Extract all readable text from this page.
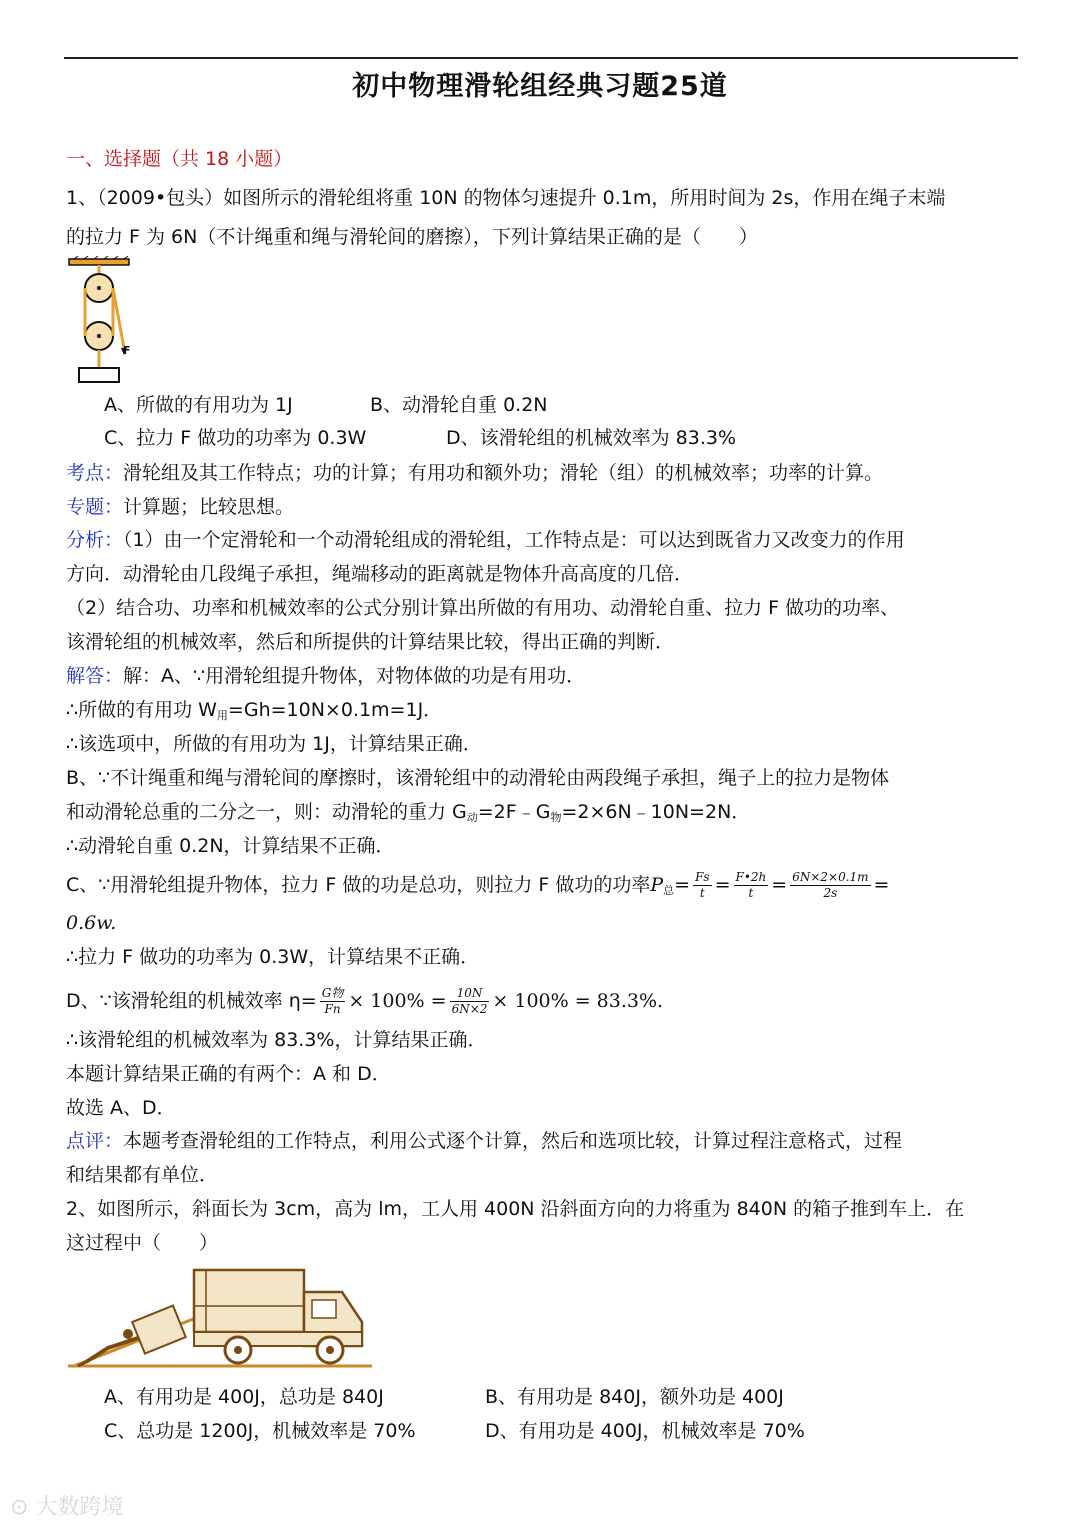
初中物理滑轮组经典习题25道
一、选择题（共 18 小题）
1、（2009•包头）如图所示的滑轮组将重 10N 的物体匀速提升 0.1m，所用时间为 2s，作用在绳子末端
的拉力 F 为 6N（不计绳重和绳与滑轮间的磨擦），下列计算结果正确的是（　　）
F
A、所做的有用功为 1J	B、动滑轮自重 0.2N
C、拉力 F 做功的功率为 0.3W	D、该滑轮组的机械效率为 83.3%
考点：滑轮组及其工作特点；功的计算；有用功和额外功；滑轮（组）的机械效率；功率的计算。
专题：计算题；比较思想。
分析：（1）由一个定滑轮和一个动滑轮组成的滑轮组，工作特点是：可以达到既省力又改变力的作用
方向．动滑轮由几段绳子承担，绳端移动的距离就是物体升高高度的几倍．
（2）结合功、功率和机械效率的公式分别计算出所做的有用功、动滑轮自重、拉力 F 做功的功率、
该滑轮组的机械效率，然后和所提供的计算结果比较，得出正确的判断．
解答：解：A、∵用滑轮组提升物体，对物体做的功是有用功．
∴所做的有用功 $W_用=Gh=10N\times 0.1m=1J$．
∴该选项中，所做的有用功为 1J，计算结果正确．
B、∵不计绳重和绳与滑轮间的摩擦时，该滑轮组中的动滑轮由两段绳子承担，绳子上的拉力是物体
和动滑轮总重的二分之一，则：动滑轮的重力 $G_动=2F﹣G_物=2\times 6N﹣10N=2N$．
∴动滑轮自重 0.2N，计算结果不正确．
C、∵用滑轮组提升物体，拉力 F 做的功是总功，则拉力 F 做功的功率$P_总= \frac{Fs}{t} = \frac{F•2h}{t} = \frac{6N\times 2\times 0.1m}{2s}$ =
0.6w.
∴拉力 F 做功的功率为 0.3W，计算结果不正确．
D、∵该滑轮组的机械效率 $\eta= \frac{\text{G物}}{Fn} \times 100\% = \frac{10N}{6N\times 2} \times 100\% = 83.3\%$.
∴该滑轮组的机械效率为 83.3%，计算结果正确．
本题计算结果正确的有两个：A 和 D．
故选 A、D．
点评：本题考查滑轮组的工作特点，利用公式逐个计算，然后和选项比较，计算过程注意格式，过程
和结果都有单位．
2、如图所示，斜面长为 3cm，高为 lm，工人用 400N 沿斜面方向的力将重为 840N 的箱子推到车上．在
这过程中（　　）
A、有用功是 400J，总功是 840J	B、有用功是 840J，额外功是 400J
C、总功是 1200J，机械效率是 70%	D、有用功是 400J，机械效率是 70%
⊙ 大数跨境
